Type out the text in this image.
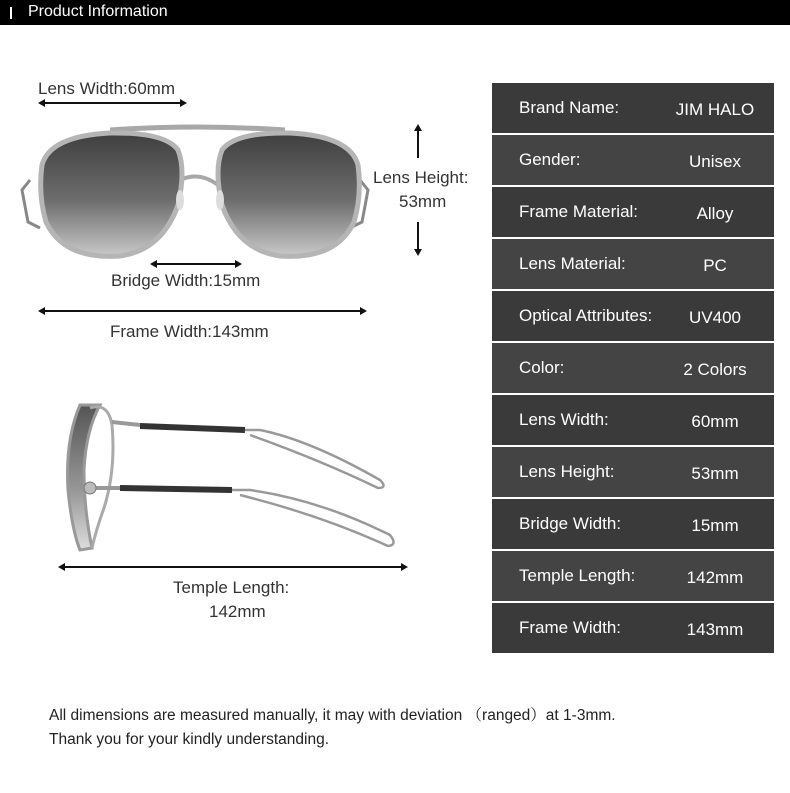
Product Information
Lens Width:60mm
Lens Height:
53mm
Bridge Width:15mm
Frame Width:143mm
Temple Length:
142mm
Brand Name:	JIM HALO
Gender:	Unisex
Frame Material:	Alloy
Lens Material:	PC
Optical Attributes:	UV400
Color:	2 Colors
Lens Width:	60mm
Lens Height:	53mm
Bridge Width:	15mm
Temple Length:	142mm
Frame Width:	143mm
All dimensions are measured manually, it may with deviation （ranged）at 1-3mm.
Thank you for your kindly understanding.
